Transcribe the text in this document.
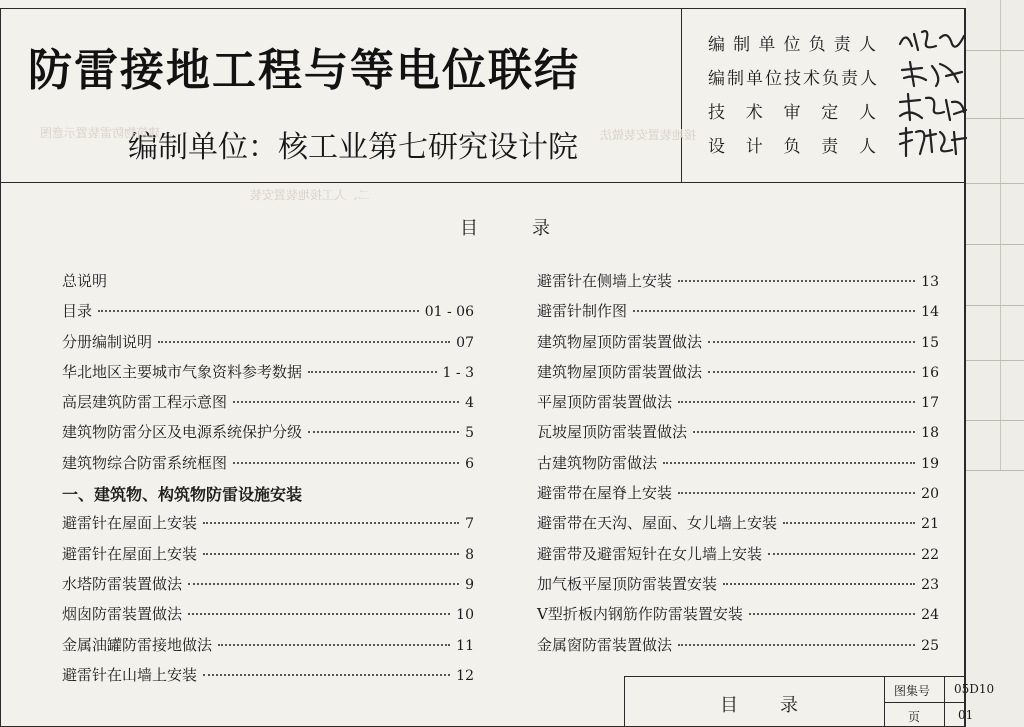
防雷接地工程与等电位联结
编制单位：核工业第七研究设计院
编 制 单 位 负 责 人
编 制 单 位 技 术 负 责 人
技 术 审 定 人
设 计 负 责 人
建筑物防雷装置示意图
二、人工接地装置安装
接地装置安装做法
目	录
总说明
目录	01 - 06
分册编制说明	07
华北地区主要城市气象资料参考数据	1 - 3
高层建筑防雷工程示意图	4
建筑物防雷分区及电源系统保护分级	5
建筑物综合防雷系统框图	6
一、建筑物、构筑物防雷设施安装
避雷针在屋面上安装	7
避雷针在屋面上安装	8
水塔防雷装置做法	9
烟囱防雷装置做法	10
金属油罐防雷接地做法	11
避雷针在山墙上安装	12
避雷针在侧墙上安装	13
避雷针制作图	14
建筑物屋顶防雷装置做法	15
建筑物屋顶防雷装置做法	16
平屋顶防雷装置做法	17
瓦坡屋顶防雷装置做法	18
古建筑物防雷做法	19
避雷带在屋脊上安装	20
避雷带在天沟、屋面、女儿墙上安装	21
避雷带及避雷短针在女儿墙上安装	22
加气板平屋顶防雷装置安装	23
V型折板内钢筋作防雷装置安装	24
金属窗防雷装置做法	25
目 录
图集号 05D10
页	01
